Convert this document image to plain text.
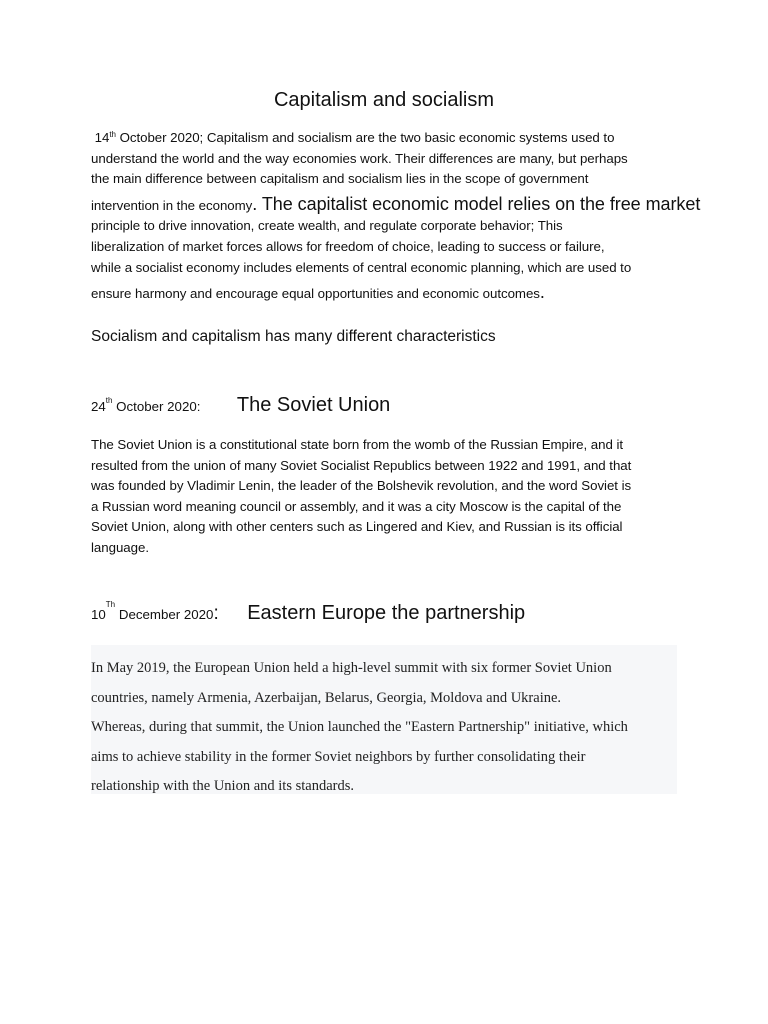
Capitalism and socialism

14th October 2020; Capitalism and socialism are the two basic economic systems used to
understand the world and the way economies work. Their differences are many, but perhaps
the main difference between capitalism and socialism lies in the scope of government
intervention in the economy. The capitalist economic model relies on the free market
principle to drive innovation, create wealth, and regulate corporate behavior; This
liberalization of market forces allows for freedom of choice, leading to success or failure,
while a socialist economy includes elements of central economic planning, which are used to
ensure harmony and encourage equal opportunities and economic outcomes.

Socialism and capitalism has many different characteristics

24th October 2020: The Soviet Union

The Soviet Union is a constitutional state born from the womb of the Russian Empire, and it
resulted from the union of many Soviet Socialist Republics between 1922 and 1991, and that
was founded by Vladimir Lenin, the leader of the Bolshevik revolution, and the word Soviet is
a Russian word meaning council or assembly, and it was a city Moscow is the capital of the
Soviet Union, along with other centers such as Lingered and Kiev, and Russian is its official
language.

10Th December 2020: Eastern Europe the partnership

In May 2019, the European Union held a high-level summit with six former Soviet Union
countries, namely Armenia, Azerbaijan, Belarus, Georgia, Moldova and Ukraine.
Whereas, during that summit, the Union launched the "Eastern Partnership" initiative, which
aims to achieve stability in the former Soviet neighbors by further consolidating their
relationship with the Union and its standards.
